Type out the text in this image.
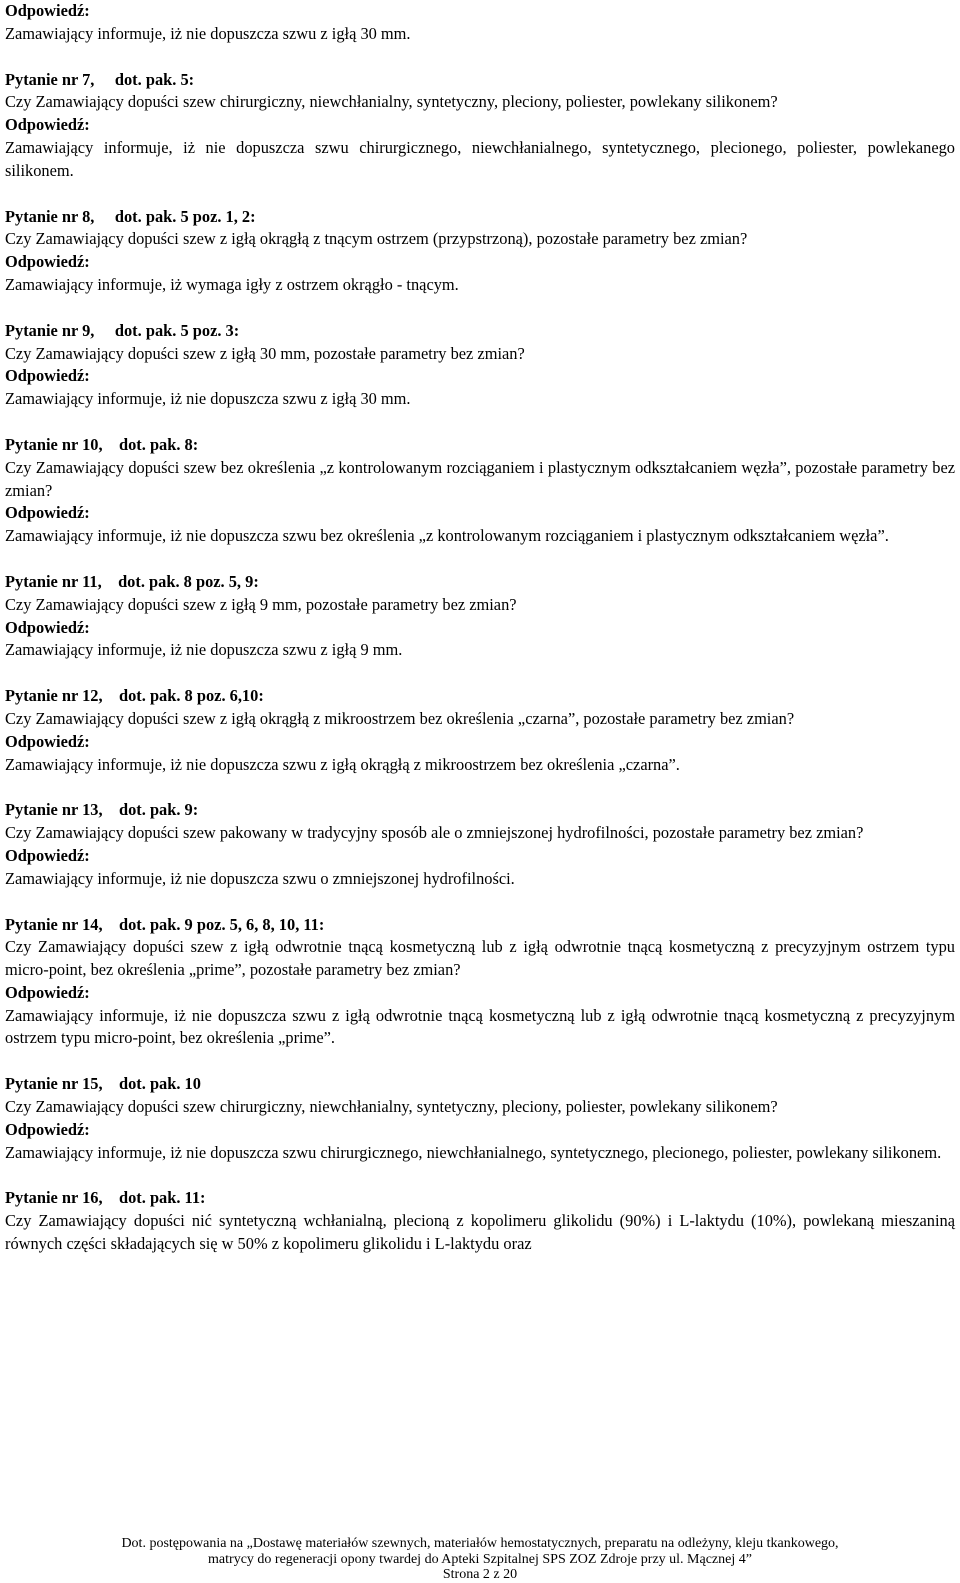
Odpowiedź:

Zamawiający informuje, iż nie dopuszcza szwu z igłą 30 mm.

Pytanie nr 7,     dot. pak. 5:

Czy Zamawiający dopuści szew chirurgiczny, niewchłanialny, syntetyczny, pleciony, poliester, powlekany silikonem?

Odpowiedź:

Zamawiający informuje, iż nie dopuszcza szwu chirurgicznego, niewchłanialnego, syntetycznego, plecionego, poliester, powlekanego silikonem.

Pytanie nr 8,     dot. pak. 5 poz. 1, 2:

Czy Zamawiający dopuści szew z igłą okrągłą z tnącym ostrzem (przypstrzoną), pozostałe parametry bez zmian?

Odpowiedź:

Zamawiający informuje, iż wymaga igły z ostrzem okrągło - tnącym.

Pytanie nr 9,     dot. pak. 5 poz. 3:

Czy Zamawiający dopuści szew z igłą 30 mm, pozostałe parametry bez zmian?

Odpowiedź:

Zamawiający informuje, iż nie dopuszcza szwu z igłą 30 mm.

Pytanie nr 10,    dot. pak. 8:

Czy Zamawiający dopuści szew bez określenia „z kontrolowanym rozciąganiem i plastycznym odkształcaniem węzła”, pozostałe parametry bez zmian?

Odpowiedź:

Zamawiający informuje, iż nie dopuszcza szwu bez określenia „z kontrolowanym rozciąganiem i plastycznym odkształcaniem węzła”.

Pytanie nr 11,    dot. pak. 8 poz. 5, 9:

Czy Zamawiający dopuści szew z igłą 9 mm, pozostałe parametry bez zmian?

Odpowiedź:

Zamawiający informuje, iż nie dopuszcza szwu z igłą 9 mm.

Pytanie nr 12,    dot. pak. 8 poz. 6,10:

Czy Zamawiający dopuści szew z igłą okrągłą z mikroostrzem bez określenia „czarna”, pozostałe parametry bez zmian?

Odpowiedź:

Zamawiający informuje, iż nie dopuszcza szwu z igłą okrągłą z mikroostrzem bez określenia „czarna”.

Pytanie nr 13,    dot. pak. 9:

Czy Zamawiający dopuści szew pakowany w tradycyjny sposób ale o zmniejszonej hydrofilności, pozostałe parametry bez zmian?

Odpowiedź:

Zamawiający informuje, iż nie dopuszcza szwu o zmniejszonej hydrofilności.

Pytanie nr 14,    dot. pak. 9 poz. 5, 6, 8, 10, 11:

Czy Zamawiający dopuści szew z igłą odwrotnie tnącą kosmetyczną lub z igłą odwrotnie tnącą kosmetyczną z precyzyjnym ostrzem typu micro-point, bez określenia „prime”, pozostałe parametry bez zmian?

Odpowiedź:

Zamawiający informuje, iż nie dopuszcza szwu z igłą odwrotnie tnącą kosmetyczną lub z igłą odwrotnie tnącą kosmetyczną z precyzyjnym ostrzem typu micro-point, bez określenia „prime”.

Pytanie nr 15,    dot. pak. 10

Czy Zamawiający dopuści szew chirurgiczny, niewchłanialny, syntetyczny, pleciony, poliester, powlekany silikonem?

Odpowiedź:

Zamawiający informuje, iż nie dopuszcza szwu chirurgicznego, niewchłanialnego, syntetycznego, plecionego, poliester, powlekany silikonem.

Pytanie nr 16,    dot. pak. 11:

Czy Zamawiający dopuści nić syntetyczną wchłanialną, plecioną z kopolimeru glikolidu (90%) i L-laktydu (10%), powlekaną mieszaniną równych części składających się w 50% z kopolimeru glikolidu i L-laktydu oraz

Dot. postępowania na „Dostawę materiałów szewnych, materiałów hemostatycznych, preparatu na odleżyny, kleju tkankowego,
matrycy do regeneracji opony twardej do Apteki Szpitalnej SPS ZOZ Zdroje przy ul. Mącznej 4”
Strona 2 z 20
